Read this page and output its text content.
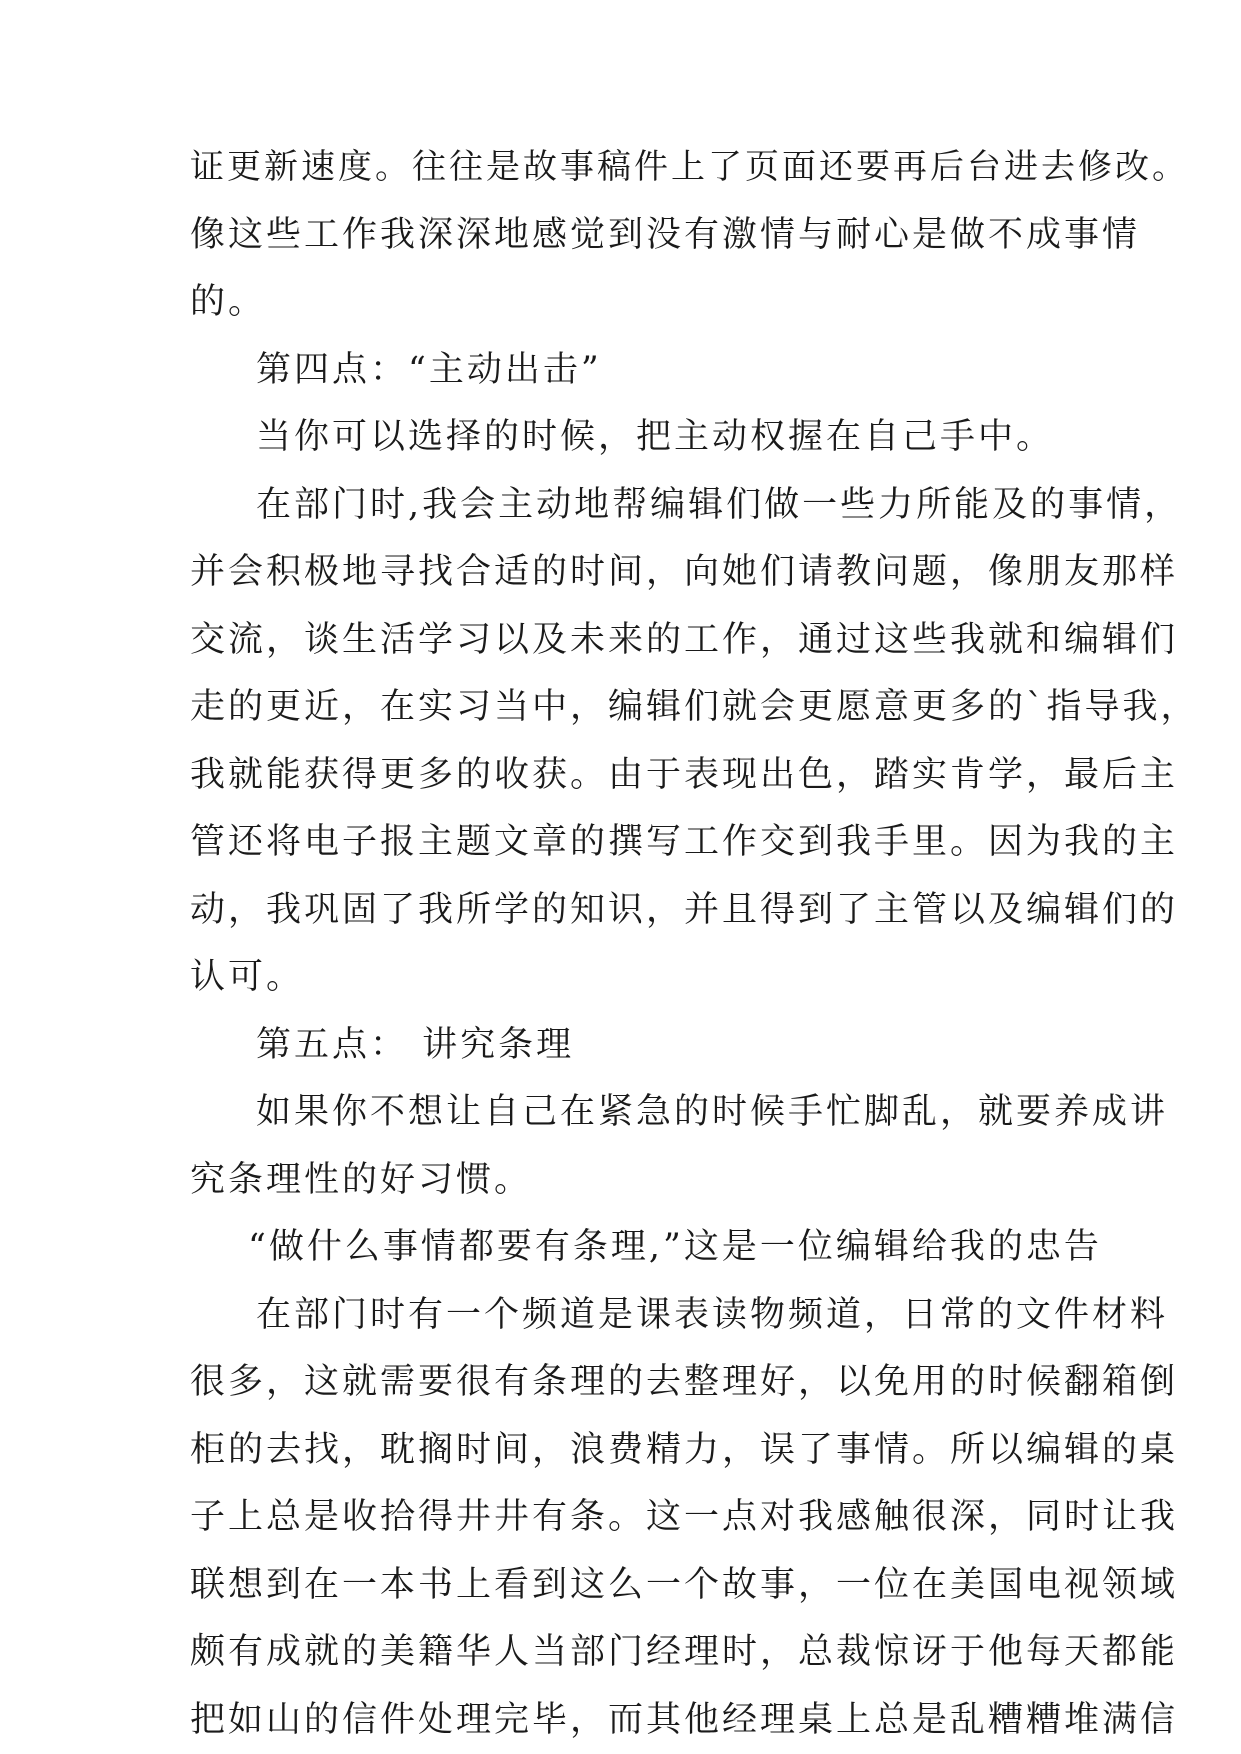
证更新速度。往往是故事稿件上了页面还要再后台进去修改。
像这些工作我深深地感觉到没有激情与耐心是做不成事情
的。
第四点：“主动出击”
当你可以选择的时候，把主动权握在自己手中。
在部门时,我会主动地帮编辑们做一些力所能及的事情，
并会积极地寻找合适的时间，向她们请教问题，像朋友那样
交流，谈生活学习以及未来的工作，通过这些我就和编辑们
走的更近，在实习当中，编辑们就会更愿意更多的`指导我，
我就能获得更多的收获。由于表现出色，踏实肯学，最后主
管还将电子报主题文章的撰写工作交到我手里。因为我的主
动，我巩固了我所学的知识，并且得到了主管以及编辑们的
认可。
第五点： 讲究条理
如果你不想让自己在紧急的时候手忙脚乱，就要养成讲
究条理性的好习惯。
“做什么事情都要有条理,”这是一位编辑给我的忠告
在部门时有一个频道是课表读物频道，日常的文件材料
很多，这就需要很有条理的去整理好，以免用的时候翻箱倒
柜的去找，耽搁时间，浪费精力，误了事情。所以编辑的桌
子上总是收拾得井井有条。这一点对我感触很深，同时让我
联想到在一本书上看到这么一个故事，一位在美国电视领域
颇有成就的美籍华人当部门经理时，总裁惊讶于他每天都能
把如山的信件处理完毕，而其他经理桌上总是乱糟糟堆满信
